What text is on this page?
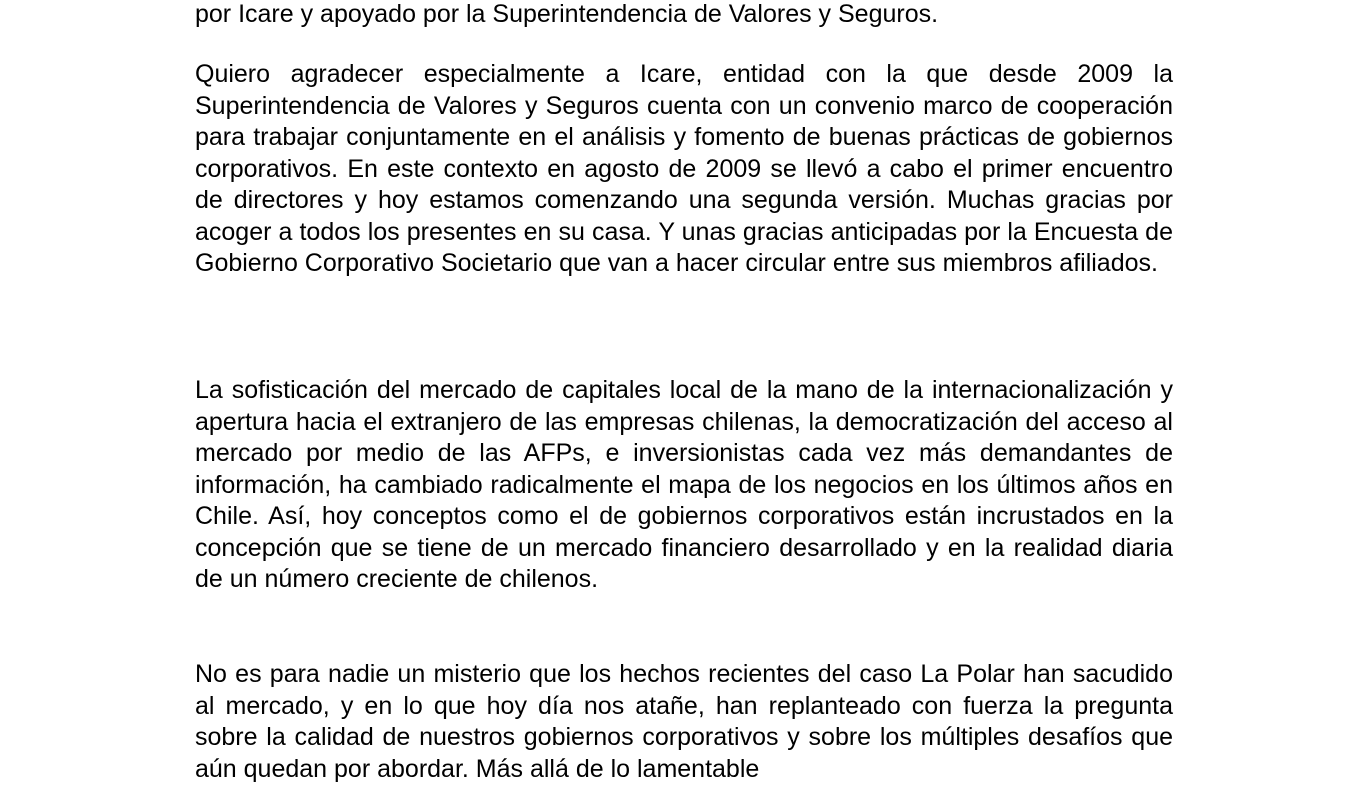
por Icare y apoyado por la Superintendencia de Valores y Seguros.

Quiero agradecer especialmente a Icare, entidad con la que desde 2009 la Superintendencia de Valores y Seguros cuenta con un convenio marco de cooperación para trabajar conjuntamente en el análisis y fomento de buenas prácticas de gobiernos corporativos. En este contexto en agosto de 2009 se llevó a cabo el primer encuentro de directores y hoy estamos comenzando una segunda versión. Muchas gracias por acoger a todos los presentes en su casa. Y unas gracias anticipadas por la Encuesta de Gobierno Corporativo Societario que van a hacer circular entre sus miembros afiliados.

La sofisticación del mercado de capitales local de la mano de la internacionalización y apertura hacia el extranjero de las empresas chilenas, la democratización del acceso al mercado por medio de las AFPs, e inversionistas cada vez más demandantes de información, ha cambiado radicalmente el mapa de los negocios en los últimos años en Chile. Así, hoy conceptos como el de gobiernos corporativos están incrustados en la concepción que se tiene de un mercado financiero desarrollado y en la realidad diaria de un número creciente de chilenos.

No es para nadie un misterio que los hechos recientes del caso La Polar han sacudido al mercado, y en lo que hoy día nos atañe, han replanteado con fuerza la pregunta sobre la calidad de nuestros gobiernos corporativos y sobre los múltiples desafíos que aún quedan por abordar. Más allá de lo lamentable
